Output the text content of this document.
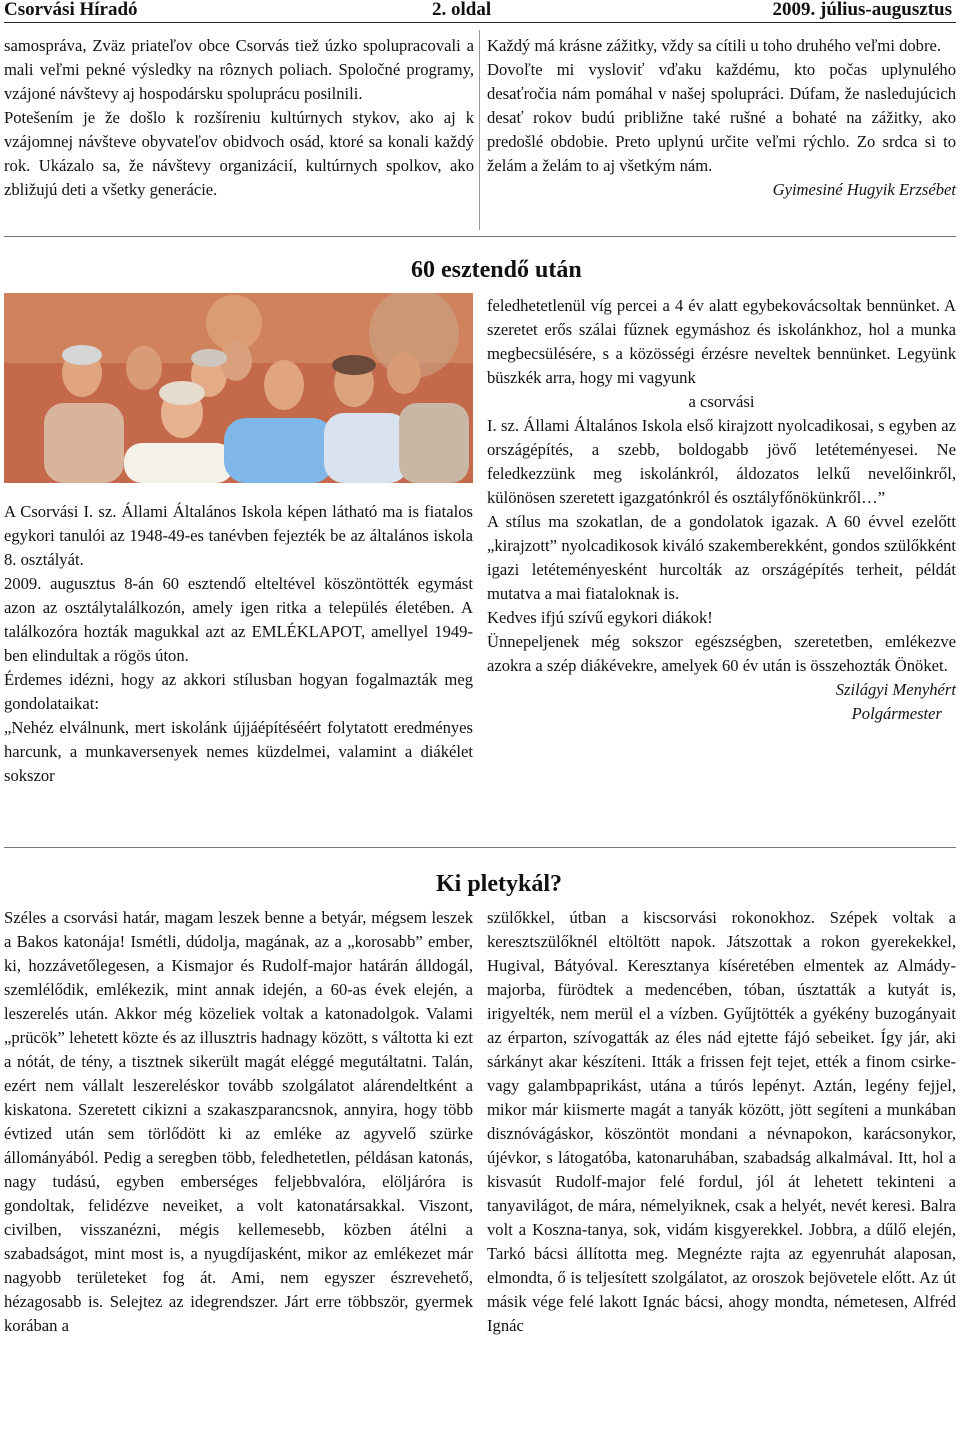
Csorvási Híradó	2. oldal	2009. július-augusztus

samospráva, Zväz priateľov obce Csorvás tiež úzko spolupracovali a mali veľmi pekné výsledky na rôznych poliach. Spoločné programy, vzájoné návštevy aj hospodársku spoluprácu posilnili.

Potešením je že došlo k rozšíreniu kultúrnych stykov, ako aj k vzájomnej návšteve obyvateľov obidvoch osád, ktoré sa konali každý rok. Ukázalo sa, že návštevy organizácií, kultúrnych spolkov, ako zbližujú deti a všetky generácie.

Každý má krásne zážitky, vždy sa cítili u toho druhého veľmi dobre.

Dovoľte mi vysloviť vďaku každému, kto počas uplynulého desaťročia nám pomáhal v našej spolupráci. Dúfam, že nasledujúcich desať rokov budú približne také rušné a bohaté na zážitky, ako predošlé obdobie. Preto uplynú určite veľmi rýchlo. Zo srdca si to želám a želám to aj všetkým nám.

Gyimesiné Hugyik Erzsébet

60 esztendő után

A Csorvási I. sz. Állami Általános Iskola képen látható ma is fiatalos egykori tanulói az 1948-49-es tanévben fejezték be az általános iskola 8. osztályát.

2009. augusztus 8-án 60 esztendő elteltével köszöntötték egymást azon az osztálytalálkozón, amely igen ritka a település életében. A találkozóra hozták magukkal azt az EMLÉKLAPOT, amellyel 1949-ben elindultak a rögös úton.

Érdemes idézni, hogy az akkori stílusban hogyan fogalmazták meg gondolataikat:

„Nehéz elválnunk, mert iskolánk újjáépítéséért folytatott eredményes harcunk, a munkaversenyek nemes küzdelmei, valamint a diákélet sokszor

feledhetetlenül víg percei a 4 év alatt egybekovácsoltak bennünket. A szeretet erős szálai fűznek egymáshoz és iskolánkhoz, hol a munka megbecsülésére, s a közösségi érzésre neveltek bennünket. Legyünk büszkék arra, hogy mi vagyunk

a csorvási

I. sz. Állami Általános Iskola első kirajzott nyolcadikosai, s egyben az országépítés, a szebb, boldogabb jövő letéteményesei. Ne feledkezzünk meg iskolánkról, áldozatos lelkű nevelőinkről, különösen szeretett igazgatónkról és osztályfőnökünkről…”

A stílus ma szokatlan, de a gondolatok igazak. A 60 évvel ezelőtt „kirajzott” nyolcadikosok kiváló szakemberekként, gondos szülőkként igazi letéteményesként hurcolták az országépítés terheit, példát mutatva a mai fiataloknak is.

Kedves ifjú szívű egykori diákok!

Ünnepeljenek még sokszor egészségben, szeretetben, emlékezve azokra a szép diákévekre, amelyek 60 év után is összehozták Önöket.

Szilágyi Menyhért

Polgármester

Ki pletykál?

Széles a csorvási határ, magam leszek benne a betyár, mégsem leszek a Bakos katonája! Ismétli, dúdolja, magának, az a „korosabb” ember, ki, hozzávetőlegesen, a Kismajor és Rudolf-major határán álldogál, szemlélődik, emlékezik, mint annak idején, a 60-as évek elején, a leszerelés után. Akkor még közeliek voltak a katonadolgok. Valami „prücök” lehetett közte és az illusztris hadnagy között, s váltotta ki ezt a nótát, de tény, a tisztnek sikerült magát eléggé megutáltatni. Talán, ezért nem vállalt leszereléskor tovább szolgálatot alárendeltként a kiskatona. Szeretett cikizni a szakaszparancsnok, annyira, hogy több évtized után sem törlődött ki az emléke az agyvelő szürke állományából. Pedig a seregben több, feledhetetlen, példásan katonás, nagy tudású, egyben emberséges feljebbvalóra, elöljáróra is gondoltak, felidézve neveiket, a volt katonatársakkal. Viszont, civilben, visszanézni, mégis kellemesebb, közben átélni a szabadságot, mint most is, a nyugdíjasként, mikor az emlékezet már nagyobb területeket fog át. Ami, nem egyszer észrevehető, hézagosabb is. Selejtez az idegrendszer. Járt erre többször, gyermek korában a

szülőkkel, útban a kiscsorvási rokonokhoz. Szépek voltak a keresztszülőknél eltöltött napok. Játszottak a rokon gyerekekkel, Hugival, Bátyóval. Keresztanya kíséretében elmentek az Almády-majorba, fürödtek a medencében, tóban, úsztatták a kutyát is, irigyelték, nem merül el a vízben. Gyűjtötték a gyékény buzogányait az érparton, szívogatták az éles nád ejtette fájó sebeiket. Így jár, aki sárkányt akar készíteni. Itták a frissen fejt tejet, ették a finom csirke- vagy galambpaprikást, utána a túrós lepényt. Aztán, legény fejjel, mikor már kiismerte magát a tanyák között, jött segíteni a munkában disznóvágáskor, köszöntöt mondani a névnapokon, karácsonykor, újévkor, s látogatóba, katonaruhában, szabadság alkalmával. Itt, hol a kisvasút Rudolf-major felé fordul, jól át lehetett tekinteni a tanyavilágot, de mára, némelyiknek, csak a helyét, nevét keresi. Balra volt a Koszna-tanya, sok, vidám kisgyerekkel. Jobbra, a dűlő elején, Tarkó bácsi állította meg. Megnézte rajta az egyenruhát alaposan, elmondta, ő is teljesített szolgálatot, az oroszok bejövetele előtt. Az út másik vége felé lakott Ignác bácsi, ahogy mondta, németesen, Alfréd Ignác
